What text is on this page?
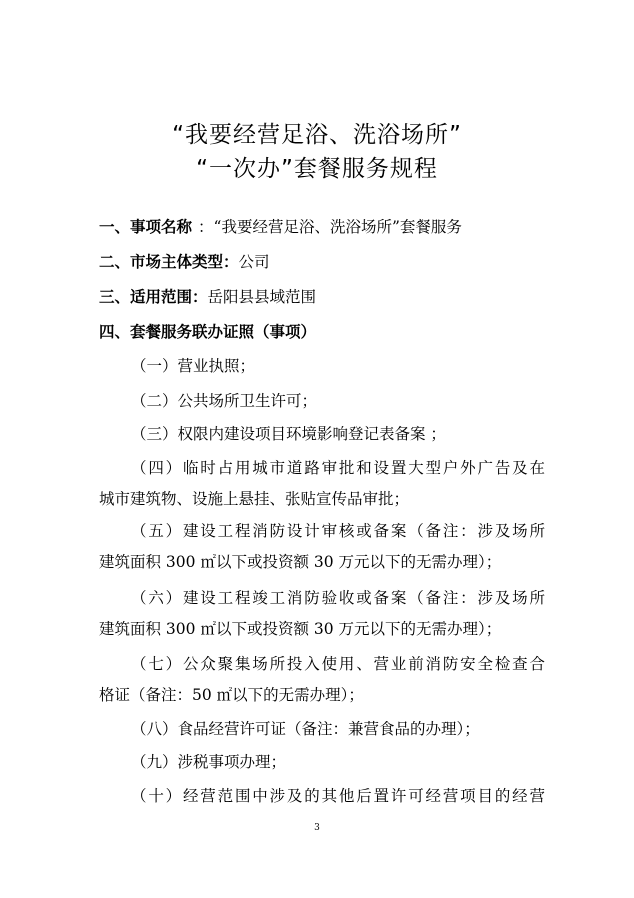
“我要经营足浴、洗浴场所”
“一次办”套餐服务规程
一、事项名称 ：“我要经营足浴、洗浴场所”套餐服务
二、市场主体类型：公司
三、适用范围：岳阳县县域范围
四、套餐服务联办证照（事项）
（一）营业执照；
（二）公共场所卫生许可；
（三）权限内建设项目环境影响登记表备案 ；
（四）临时占用城市道路审批和设置大型户外广告及在
城市建筑物、设施上悬挂、张贴宣传品审批；
（五）建设工程消防设计审核或备案（备注：涉及场所
建筑面积 300 ㎡以下或投资额 30 万元以下的无需办理）；
（六）建设工程竣工消防验收或备案（备注：涉及场所
建筑面积 300 ㎡以下或投资额 30 万元以下的无需办理）；
（七）公众聚集场所投入使用、营业前消防安全检查合
格证（备注：50 ㎡以下的无需办理）；
（八）食品经营许可证（备注：兼营食品的办理）；
（九）涉税事项办理；
（十）经营范围中涉及的其他后置许可经营项目的经营
3
